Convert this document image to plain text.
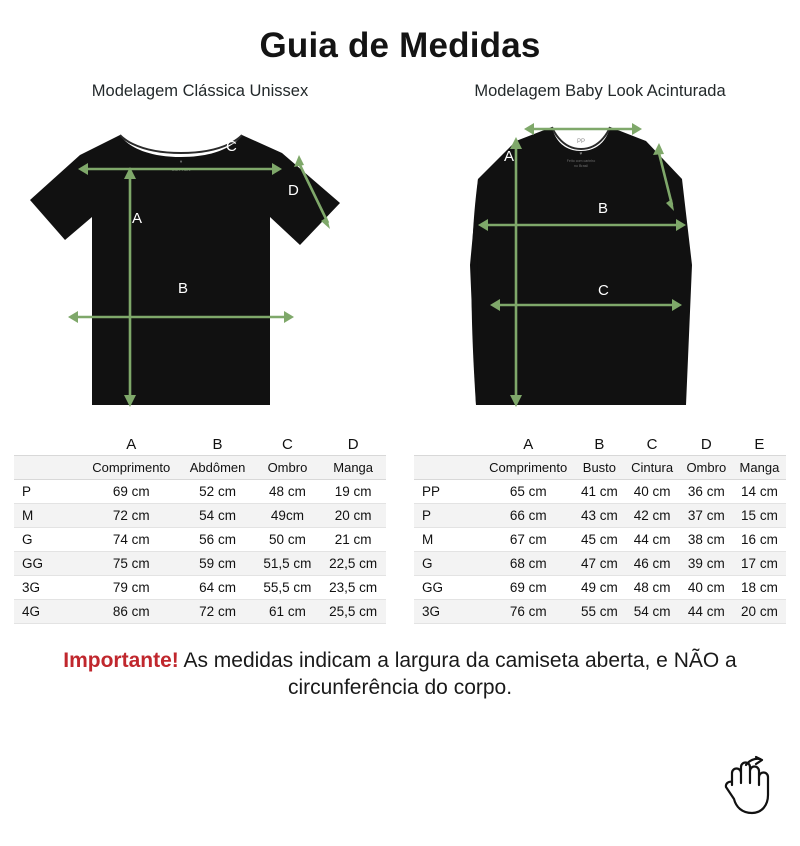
Guia de Medidas
Modelagem Clássica Unissex
♦
COTTON
A
B
C
D
	A	B	C	D
	Comprimento	Abdômen	Ombro	Manga
P	69 cm	52 cm	48 cm	19 cm
M	72 cm	54 cm	49cm	20 cm
G	74 cm	56 cm	50 cm	21 cm
GG	75 cm	59 cm	51,5 cm	22,5 cm
3G	79 cm	64 cm	55,5 cm	23,5 cm
4G	86 cm	72 cm	61 cm	25,5 cm
Modelagem Baby Look Acinturada
PP
♥
Feito com carinho
no Brasil
A
B
C
D
E
	A	B	C	D	E
	Comprimento	Busto	Cintura	Ombro	Manga
PP	65 cm	41 cm	40 cm	36 cm	14 cm
P	66 cm	43 cm	42 cm	37 cm	15 cm
M	67 cm	45 cm	44 cm	38 cm	16 cm
G	68 cm	47 cm	46 cm	39 cm	17 cm
GG	69 cm	49 cm	48 cm	40 cm	18 cm
3G	76 cm	55 cm	54 cm	44 cm	20 cm
Importante! As medidas indicam a largura da camiseta aberta, e NÃO a circunferência do corpo.
